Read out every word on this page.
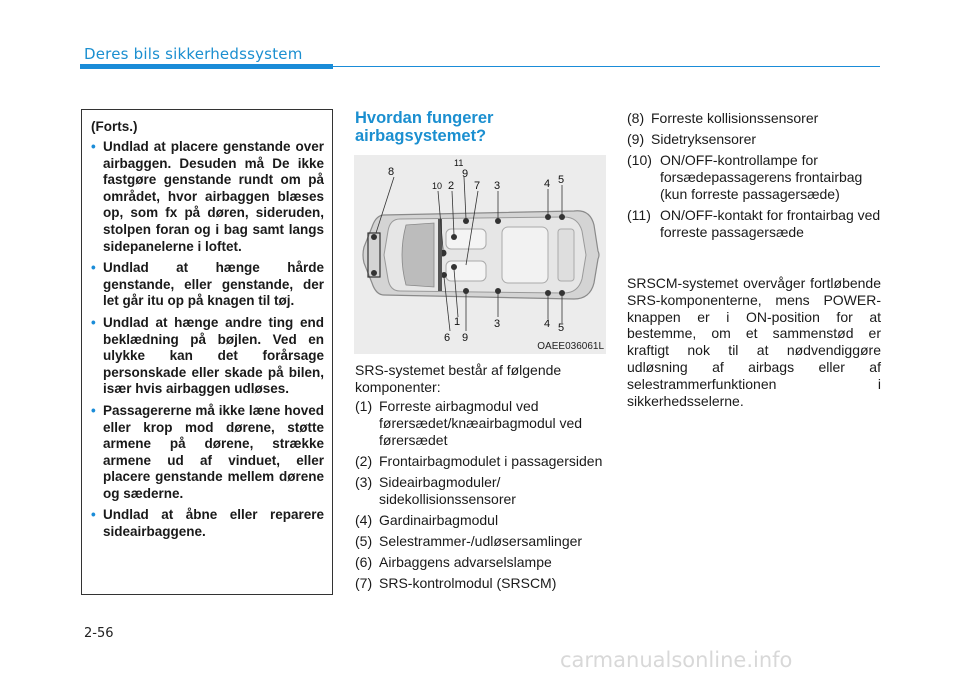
Deres bils sikkerhedssystem
(Forts.)
• Undlad at placere genstande over airbaggen. Desuden må De ikke fastgøre genstande rundt om på området, hvor airbaggen blæses op, som fx på døren, sideruden, stolpen foran og i bag samt langs sidepanelerne i loftet.
• Undlad at hænge hårde genstande, eller genstande, der let går itu op på knagen til tøj.
• Undlad at hænge andre ting end beklædning på bøjlen. Ved en ulykke kan det forårsage personskade eller skade på bilen, især hvis airbaggen udløses.
• Passagererne må ikke læne hoved eller krop mod dørene, støtte armene på dørene, strække armene ud af vinduet, eller placere genstande mellem dørene og sæderne.
• Undlad at åbne eller reparere sideairbaggene.
Hvordan fungerer airbagsystemet?
8
11
9
10 2 7 3	4 5
1	3	4 5
6 9
OAEE036061L
SRS-systemet består af følgende komponenter:
(1) Forreste airbagmodul ved førersædet/knæairbagmodul ved førersædet
(2) Frontairbagmodulet i passagersiden
(3) Sideairbagmoduler/ sidekollisionssensorer
(4) Gardinairbagmodul
(5) Selestrammer-/udløsersamlinger
(6) Airbaggens advarselslampe
(7) SRS-kontrolmodul (SRSCM)
2-56
carmanualsonline.info
(8) Forreste kollisionssensorer
(9) Sidetryksensorer
(10) ON/OFF-kontrollampe for forsædepassagerens frontairbag (kun forreste passagersæde)
(11) ON/OFF-kontakt for frontairbag ved forreste passagersæde
SRSCM-systemet overvåger fortløbende SRS-komponenterne, mens POWER-knappen er i ON-position for at bestemme, om et sammenstød er kraftigt nok til at nødvendiggøre udløsning af airbags eller af selestrammerfunktionen i sikkerhedsselerne.
